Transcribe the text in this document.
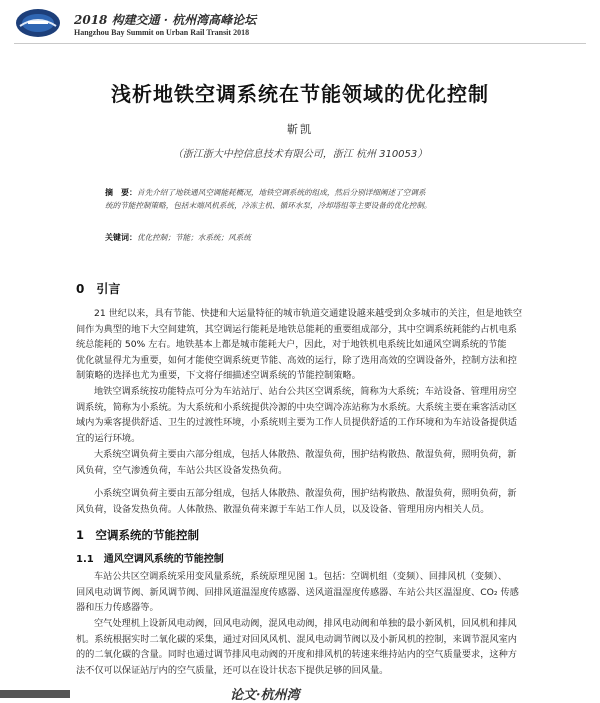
2018 构建交通 · 杭州湾高峰论坛
Hangzhou Bay Summit on Urban Rail Transit 2018
浅析地铁空调系统在节能领域的优化控制
靳凯
（浙江浙大中控信息技术有限公司，浙江 杭州 310053）
摘　要：首先介绍了地铁通风空调能耗概况，地铁空调系统的组成，然后分别详细阐述了空调系
统的节能控制策略，包括末端风机系统，冷冻主机、循环水泵，冷却塔组等主要设备的优化控制。
关键词：优化控制；节能；水系统；风系统
0　引言
21 世纪以来，具有节能、快捷和大运量特征的城市轨道交通建设越来越受到众多城市的关注，但是地铁空
间作为典型的地下大空间建筑，其空调运行能耗是地铁总能耗的重要组成部分，其中空调系统耗能约占机电系
统总能耗的 50% 左右。地铁基本上都是城市能耗大户，因此，对于地铁机电系统比如通风空调系统的节能
优化就显得尤为重要，如何才能使空调系统更节能、高效的运行，除了选用高效的空调设备外，控制方法和控
制策略的选择也尤为重要，下文将仔细描述空调系统的节能控制策略。
地铁空调系统按功能特点可分为车站站厅、站台公共区空调系统，简称为大系统；车站设备、管理用房空
调系统，简称为小系统。为大系统和小系统提供冷源的中央空调冷冻站称为水系统。大系统主要在乘客活动区
域内为乘客提供舒适、卫生的过渡性环境，小系统则主要为工作人员提供舒适的工作环境和为车站设备提供适
宜的运行环境。
大系统空调负荷主要由六部分组成，包括人体散热、散湿负荷，围护结构散热、散湿负荷，照明负荷，新
风负荷，空气渗透负荷，车站公共区设备发热负荷。
小系统空调负荷主要由五部分组成，包括人体散热、散湿负荷，围护结构散热、散湿负荷，照明负荷，新
风负荷，设备发热负荷。人体散热、散湿负荷来源于车站工作人员，以及设备、管理用房内相关人员。
1　空调系统的节能控制
1.1　通风空调风系统的节能控制
车站公共区空调系统采用变风量系统，系统原理见图 1。包括：空调机组（变频）、回排风机（变频）、
回风电动调节阀、新风调节阀、回排风道温湿度传感器、送风道温湿度传感器、车站公共区温湿度、CO₂ 传感
器和压力传感器等。
空气处理机上设新风电动阀，回风电动阀，混风电动阀，排风电动阀和单独的最小新风机，回风机和排风
机。系统根据实时二氧化碳的采集，通过对回风风机、混风电动调节阀以及小新风机的控制，来调节混风室内
的的二氧化碳的含量。同时也通过调节排风电动阀的开度和排风机的转速来维持站内的空气质量要求，这种方
法不仅可以保证站厅内的空气质量，还可以在设计状态下提供足够的回风量。
论文·杭州湾
